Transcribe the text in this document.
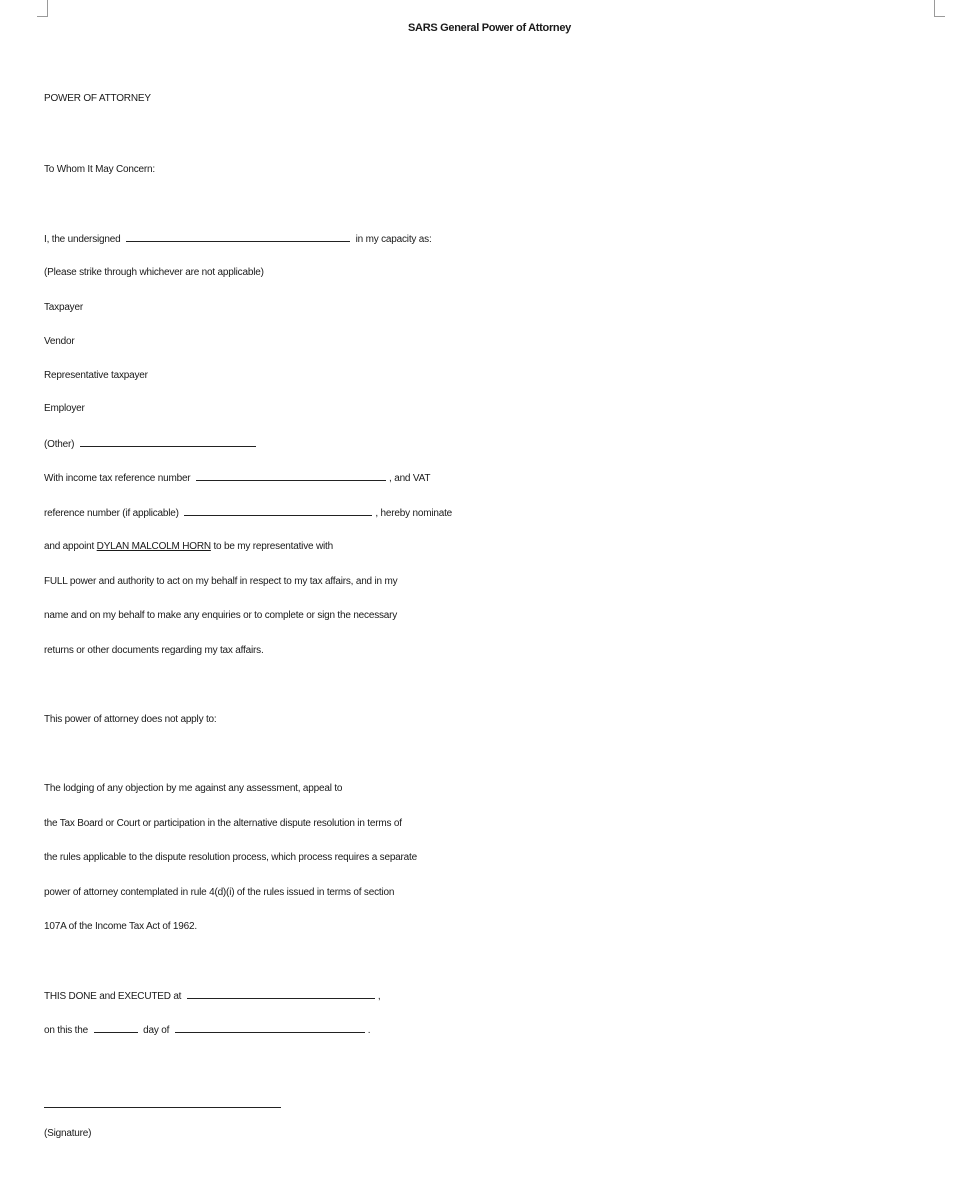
SARS General Power of Attorney
POWER OF ATTORNEY
To Whom It May Concern:
I, the undersigned	in my capacity as:
(Please strike through whichever are not applicable)
Taxpayer
Vendor
Representative taxpayer
Employer
(Other)
With income tax reference number	, and VAT
reference number (if applicable)	, hereby nominate
and appoint DYLAN MALCOLM HORN to be my representative with
FULL power and authority to act on my behalf in respect to my tax affairs, and in my
name and on my behalf to make any enquiries or to complete or sign the necessary
returns or other documents regarding my tax affairs.
This power of attorney does not apply to:
The lodging of any objection by me against any assessment, appeal to
the Tax Board or Court or participation in the alternative dispute resolution in terms of
the rules applicable to the dispute resolution process, which process requires a separate
power of attorney contemplated in rule 4(d)(i) of the rules issued in terms of section
107A of the Income Tax Act of 1962.
THIS DONE and EXECUTED at	,
on this the	day of	.
(Signature)
